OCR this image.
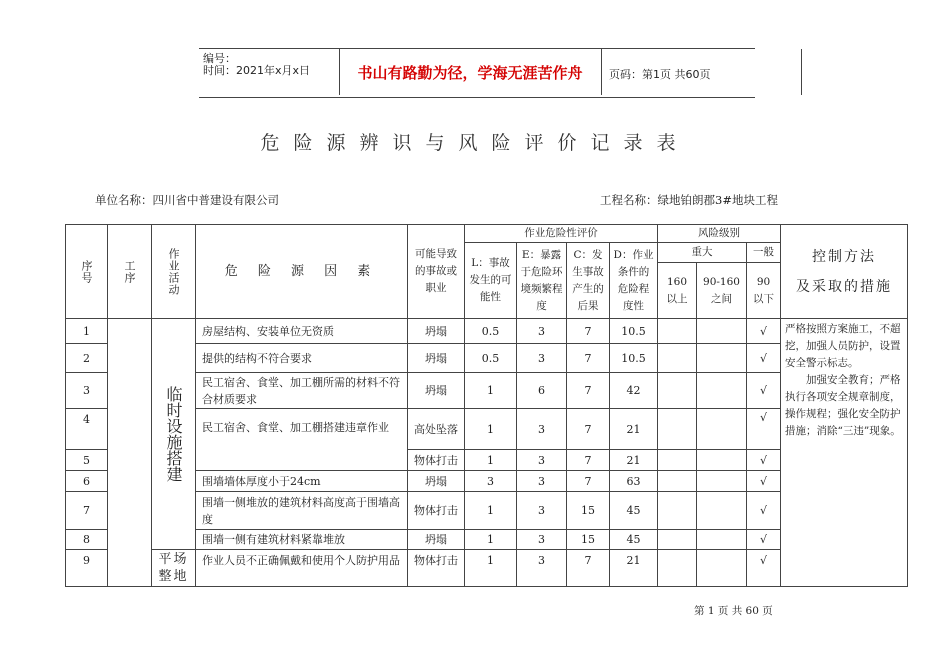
编号：
时间：2021年x月x日	书山有路勤为径，学海无涯苦作舟	页码：第1页 共60页
危险源辨识与风险评价记录表
单位名称：四川省中普建设有限公司	工程名称：绿地铂朗郡3#地块工程
序号	工序	作业活动	危 险 源 因 素	可能导致的事故或职业	作业危险性评价				风险级别			控制方法
及采取的措施

					L：事故发生的可能性	E：暴露于危险环境频繁程度	C：发生事故产生的后果	D：作业条件的危险程度性	重大		一般	
									160以上	90-160之间	90以下	
1		临时设施搭建	房屋结构、安装单位无资质	坍塌	0.5	3	7	10.5			√	严格按照方案施工，不超挖，加强人员防护，设置安全警示标志。

加强安全教育；严格执行各项安全规章制度，操作规程；强化安全防护措施；消除“三违”现象。

2			提供的结构不符合要求	坍塌	0.5	3	7	10.5			√	
3			民工宿舍、食堂、加工棚所需的材料不符合材质要求	坍塌	1	6	7	42			√	
4			民工宿舍、食堂、加工棚搭建违章作业	高处坠落	1	3	7	21			√	
5				物体打击	1	3	7	21			√	
6			围墙墙体厚度小于24cm	坍塌	3	3	7	63			√	
7			围墙一侧堆放的建筑材料高度高于围墙高度	物体打击	1	3	15	45			√	
8			围墙一侧有建筑材料紧靠堆放	坍塌	1	3	15	45			√	
9		平场整地	作业人员不正确佩戴和使用个人防护用品	物体打击	1	3	7	21			√	
第 1 页 共 60 页
